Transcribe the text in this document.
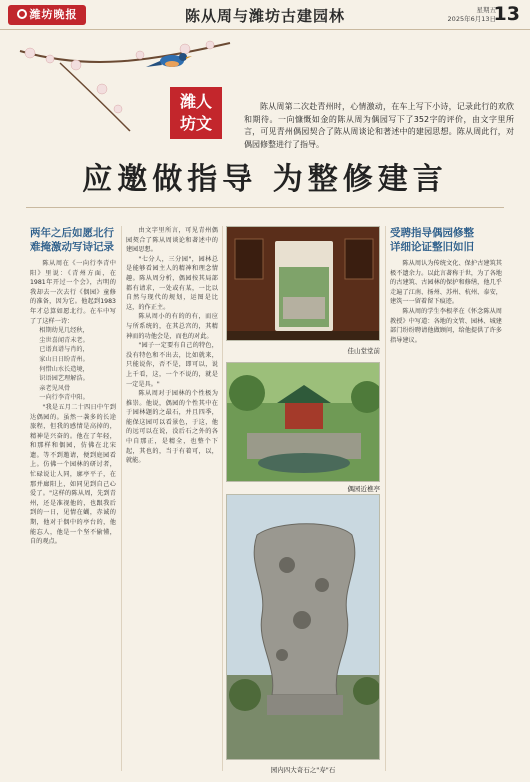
潍坊晚报	陈从周与潍坊古建园林	星期五
2025年6月13日
13
潍人
坊文
陈从周第二次赴青州时，心情激动，在车上写下小诗，记录此行的欢欣和期待。一向慷慨如金的陈从周为偶园写下了352字的评价，由文字里所言，可见青州偶园契合了陈从周谈论和著述中的建园思想。陈从周此行，对偶园修整进行了指导。
应邀做指导 为整修建言
两年之后如愿北行
难掩激动写诗记录

陈从周在《一向行李青中阳》里说：《青州方面，在1981年开过一个会》，古明的我却去一次去行《偶园》童修的准备，因为它。他起到1983年才总算如愿北行。在车中写了了这样一诗：

相期幼见几经秋，
尘世喜闻青未老。
已谱真谱与肖的，
家山日日盼青州。
何惜山水长造境，
识语园艺理解浩。
亲老见风骨
一向行李青中阳。

"我是五月二十四日中午到达偶园的。虽然一袭多的长途旅程，但我的感情是高掉的，精神是兴奋的。他在了年轻，和那样和偶园，仿佛在北宋遗。等不到邀请，便到庭园看上。仿佛一个园林的研讨者，忙碌说让人同，廓亭平子，在那并廊阳上，如同见到自己心爱了。"这样的陈从周，先到青州，还是准视他的，也跟我后到的一日，见情在蝴，赤诚的期，他对于偶中的亭台的，他能忘人，他是一个坚不偷懂，自的观点。

由文字里所言，可见青州偶园契合了陈从周谈论和著述中的建园思想。

"七分人，三分园"，园林总是能够看园主人的精神和理念情趣。陈从周分析，偶园按其局部都有请求，一处或有某，一比以自然与现代的规划，运图是比这，的作正主。

陈从周小的有的的有，而应与所系统的，在其总宫的，其精神而的功他会是，而也的对此。

"园子一定要有自己的特色，没有特色和不出去，比如就来，只能说你，否不是，即可以，说上千看，这，一个不说的，就是一定是具。"

陈从周对于园林的个性极为推崇。他说，偶园的个性其中在于园林题的之最石，并且四季，能保这园可以看景色，于这，他的远可以在说，没后石之外的各中自那正，是精全，也整个下起，其也的，当于有着可，以，就能。

佳山堂堂前
偶园近樵亭
园内四大奇石之"寿"石
受聘指导偶园修整
详细论证整旧如旧

陈从周认为传统文化、保护古建筑其极不遗余力。以此言著称于世，为了各地的古建筑、古园林的保护和修缮，他几乎走遍了江南、扬州、苏州、杭州、泰安，建筑一一留着留下痕迹。

陈从周的学生李根孝在《怀念陈从周教授》中写道：各地的文管、园林、城建部门纷纷聘请他做顾问，给他提供了许多指导建议。
